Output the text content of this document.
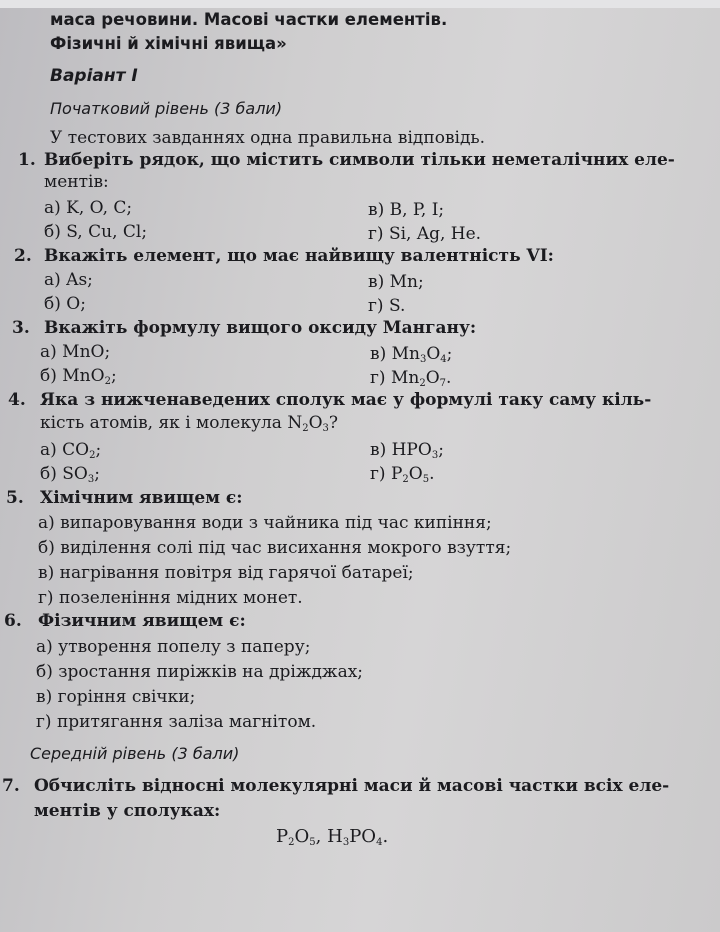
маса речовини. Масові частки елементів.
Фізичні й хімічні явища»
Варіант І
Початковий рівень (3 бали)
У тестових завданнях одна правильна відповідь.
1. Виберіть рядок, що містить символи тільки неметалічних еле-
ментів:
а) K, O, C;	в) B, P, I;
б) S, Cu, Cl;	г) Si, Ag, He.
2. Вкажіть елемент, що має найвищу валентність VI:
а) As;	в) Mn;
б) O;	г) S.
3. Вкажіть формулу вищого оксиду Мангану:
а) MnO;	в) $Mn_3O_4$;
б) MnO$_2$;	г) $Mn_2O_7$.
4. Яка з нижченаведених сполук має у формулі таку саму кіль-
кість атомів, як і молекула $N_2O_3$?
а) $CO_2$;	в) $HPO_3$;
б) $SO_3$;	г) $P_2O_5$.
5. Хімічним явищем є:
а) випаровування води з чайника під час кипіння;
б) виділення солі під час висихання мокрого взуття;
в) нагрівання повітря від гарячої батареї;
г) позеленіння мідних монет.
6. Фізичним явищем є:
а) утворення попелу з паперу;
б) зростання пиріжків на дріжджах;
в) горіння свічки;
г) притягання заліза магнітом.
Середній рівень (3 бали)
7. Обчисліть відносні молекулярні маси й масові частки всіх еле-
ментів у сполуках:
$P_2O_5$, $H_3PO_4$.
